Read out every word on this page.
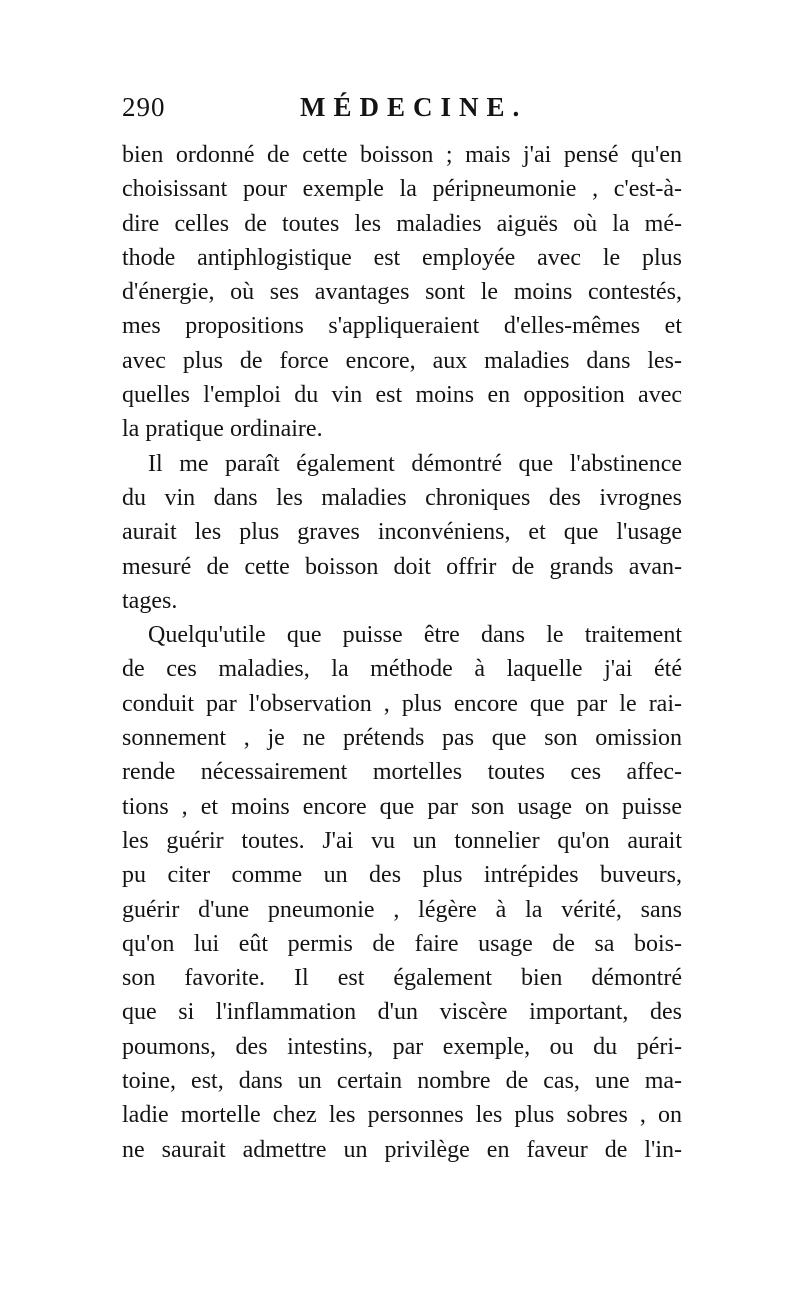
290	MÉDECINE.
bien ordonné de cette boisson ; mais j'ai pensé qu'en
choisissant pour exemple la péripneumonie , c'est-à-
dire celles de toutes les maladies aiguës où la mé-
thode antiphlogistique est employée avec le plus
d'énergie, où ses avantages sont le moins contestés,
mes propositions s'appliqueraient d'elles-mêmes et
avec plus de force encore, aux maladies dans les-
quelles l'emploi du vin est moins en opposition avec
la pratique ordinaire.
Il me paraît également démontré que l'abstinence
du vin dans les maladies chroniques des ivrognes
aurait les plus graves inconvéniens, et que l'usage
mesuré de cette boisson doit offrir de grands avan-
tages.
Quelqu'utile que puisse être dans le traitement
de ces maladies, la méthode à laquelle j'ai été
conduit par l'observation , plus encore que par le rai-
sonnement , je ne prétends pas que son omission
rende nécessairement mortelles toutes ces affec-
tions , et moins encore que par son usage on puisse
les guérir toutes. J'ai vu un tonnelier qu'on aurait
pu citer comme un des plus intrépides buveurs,
guérir d'une pneumonie , légère à la vérité, sans
qu'on lui eût permis de faire usage de sa bois-
son favorite. Il est également bien démontré
que si l'inflammation d'un viscère important, des
poumons, des intestins, par exemple, ou du péri-
toine, est, dans un certain nombre de cas, une ma-
ladie mortelle chez les personnes les plus sobres , on
ne saurait admettre un privilège en faveur de l'in-
